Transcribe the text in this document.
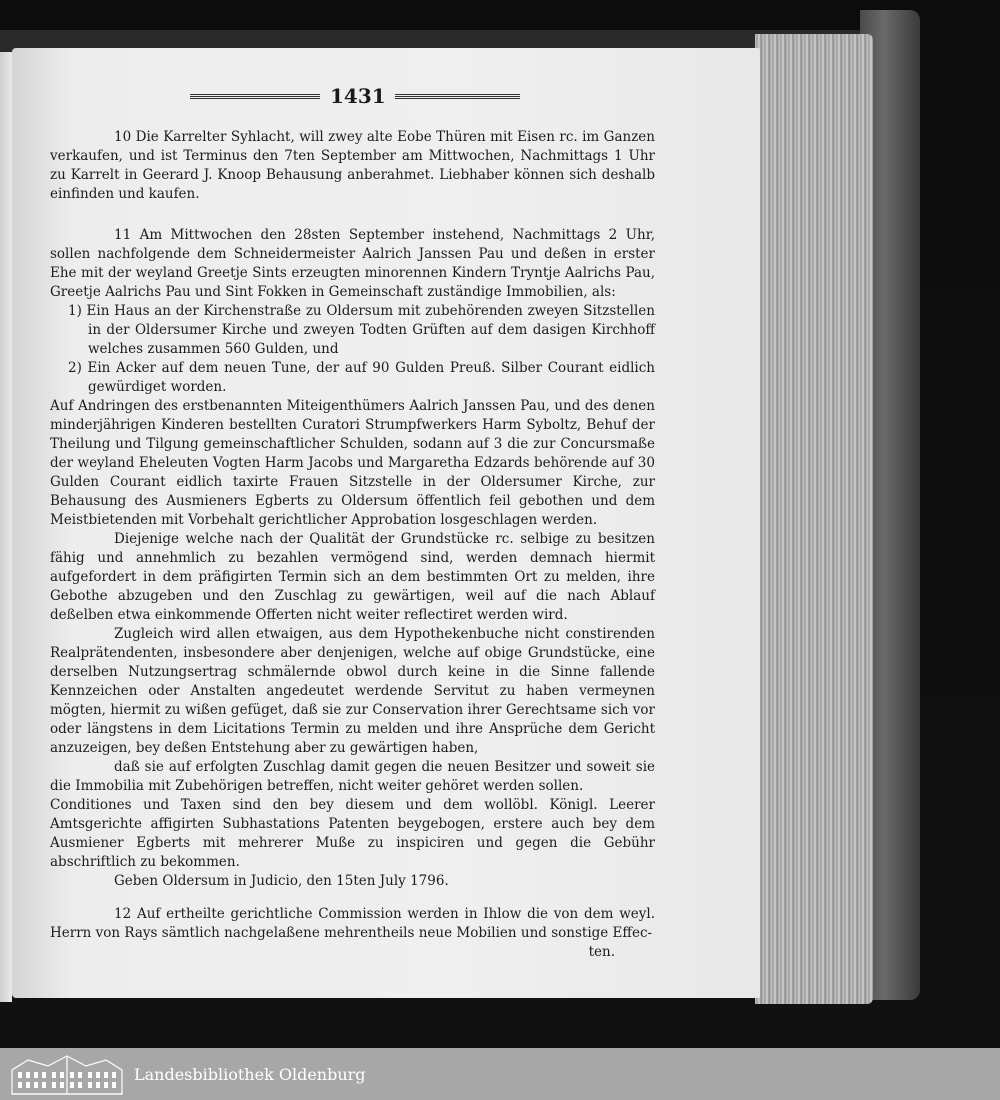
1431

10 Die Karrelter Syhlacht, will zwey alte Eobe Thüren mit Eisen rc. im Ganzen verkaufen, und ist Terminus den 7ten September am Mittwochen, Nachmittags 1 Uhr zu Karrelt in Geerard J. Knoop Behausung anberahmet. Liebhaber können sich deshalb einfinden und kaufen.

11 Am Mittwochen den 28sten September instehend, Nachmittags 2 Uhr, sollen nachfolgende dem Schneidermeister Aalrich Janssen Pau und deßen in erster Ehe mit der weyland Greetje Sints erzeugten minorennen Kindern Tryntje Aalrichs Pau, Greetje Aalrichs Pau und Sint Fokken in Gemeinschaft zuständige Immobilien, als:

1) Ein Haus an der Kirchenstraße zu Oldersum mit zubehörenden zweyen Sitzstellen in der Oldersumer Kirche und zweyen Todten Grüften auf dem dasigen Kirchhoff welches zusammen 560 Gulden, und

2) Ein Acker auf dem neuen Tune, der auf 90 Gulden Preuß. Silber Courant eidlich gewürdiget worden.

Auf Andringen des erstbenannten Miteigenthümers Aalrich Janssen Pau, und des denen minderjährigen Kinderen bestellten Curatori Strumpfwerkers Harm Syboltz, Behuf der Theilung und Tilgung gemeinschaftlicher Schulden, sodann auf 3 die zur Concursmaße der weyland Eheleuten Vogten Harm Jacobs und Margaretha Edzards behörende auf 30 Gulden Courant eidlich taxirte Frauen Sitzstelle in der Oldersumer Kirche, zur Behausung des Ausmieners Egberts zu Oldersum öffentlich feil gebothen und dem Meistbietenden mit Vorbehalt gerichtlicher Approbation losgeschlagen werden.

Diejenige welche nach der Qualität der Grundstücke rc. selbige zu besitzen fähig und annehmlich zu bezahlen vermögend sind, werden demnach hiermit aufgefordert in dem präfigirten Termin sich an dem bestimmten Ort zu melden, ihre Gebothe abzugeben und den Zuschlag zu gewärtigen, weil auf die nach Ablauf deßelben etwa einkommende Offerten nicht weiter reflectiret werden wird.

Zugleich wird allen etwaigen, aus dem Hypothekenbuche nicht constirenden Realprätendenten, insbesondere aber denjenigen, welche auf obige Grundstücke, eine derselben Nutzungsertrag schmälernde obwol durch keine in die Sinne fallende Kennzeichen oder Anstalten angedeutet werdende Servitut zu haben vermeynen mögten, hiermit zu wißen gefüget, daß sie zur Conservation ihrer Gerechtsame sich vor oder längstens in dem Licitations Termin zu melden und ihre Ansprüche dem Gericht anzuzeigen, bey deßen Entstehung aber zu gewärtigen haben,

daß sie auf erfolgten Zuschlag damit gegen die neuen Besitzer und soweit sie die Immobilia mit Zubehörigen betreffen, nicht weiter gehöret werden sollen.

Conditiones und Taxen sind den bey diesem und dem wollöbl. Königl. Leerer Amtsgerichte affigirten Subhastations Patenten beygebogen, erstere auch bey dem Ausmiener Egberts mit mehrerer Muße zu inspiciren und gegen die Gebühr abschriftlich zu bekommen.

Geben Oldersum in Judicio, den 15ten July 1796.

12 Auf ertheilte gerichtliche Commission werden in Ihlow die von dem weyl. Herrn von Rays sämtlich nachgelaßene mehrentheils neue Mobilien und sonstige Effec-

ten.

Landesbibliothek Oldenburg
